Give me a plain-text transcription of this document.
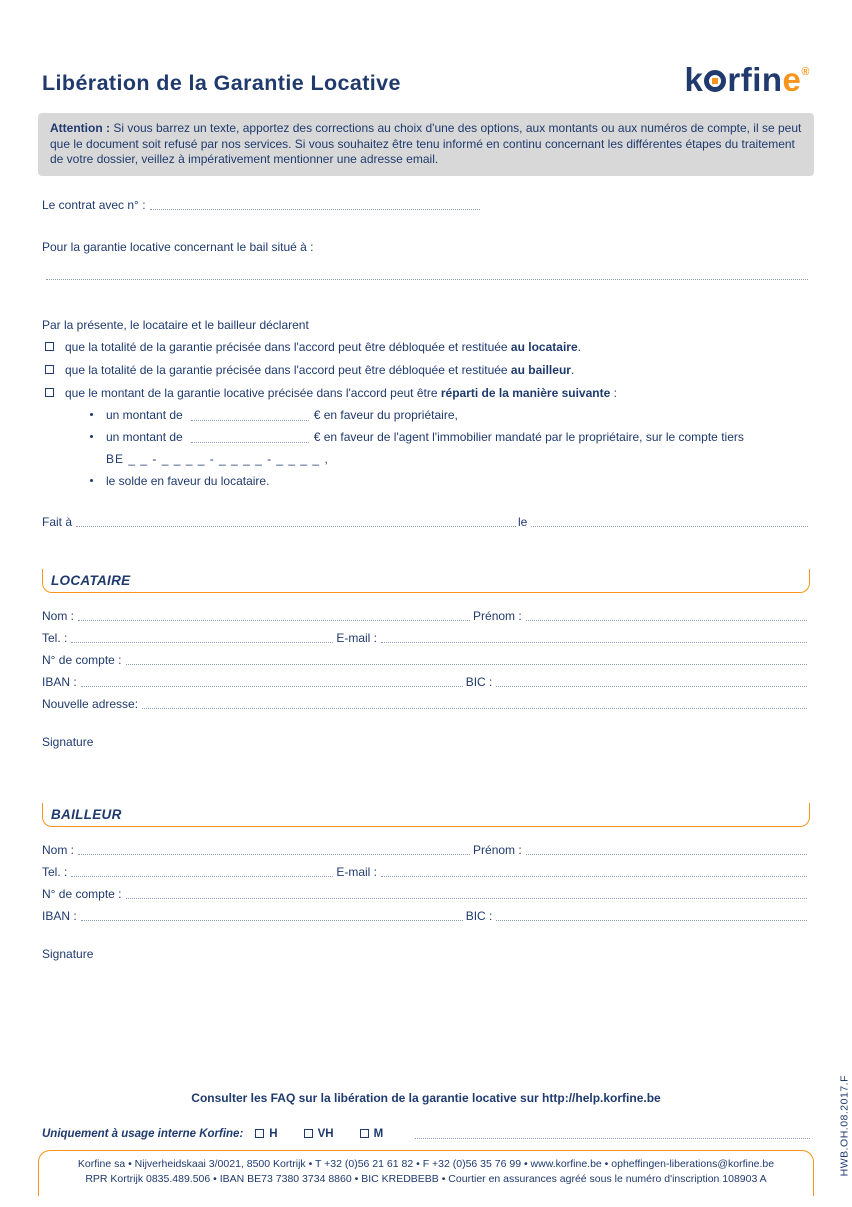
Libération de la Garantie Locative	k rfine®
Attention : Si vous barrez un texte, apportez des corrections au choix d'une des options, aux montants ou aux numéros de compte, il se peut que le document soit refusé par nos services. Si vous souhaitez être tenu informé en continu concernant les différentes étapes du traitement de votre dossier, veillez à impérativement mentionner une adresse email.
Le contrat avec n° :
Pour la garantie locative concernant le bail situé à :
Par la présente, le locataire et le bailleur déclarent
que la totalité de la garantie précisée dans l'accord peut être débloquée et restituée au locataire.
que la totalité de la garantie précisée dans l'accord peut être débloquée et restituée au bailleur.
que le montant de la garantie locative précisée dans l'accord peut être réparti de la manière suivante :
un montant de	€ en faveur du propriétaire,
un montant de	€ en faveur de l'agent l'immobilier mandaté par le propriétaire, sur le compte tiers
BE _ _ - _ _ _ _ - _ _ _ _ - _ _ _ _ ,
le solde en faveur du locataire.
Fait à	le
LOCATAIRE
Nom :	Prénom :
Tel. :	E-mail :
N° de compte :
IBAN :	BIC :
Nouvelle adresse:
Signature
BAILLEUR
Nom :	Prénom :
Tel. :	E-mail :
N° de compte :
IBAN :	BIC :
Signature
Consulter les FAQ sur la libération de la garantie locative sur http://help.korfine.be
Uniquement à usage interne Korfine: H	VH	M
Korfine sa • Nijverheidskaai 3/0021, 8500 Kortrijk • T +32 (0)56 21 61 82 • F +32 (0)56 35 76 99 • www.korfine.be • opheffingen-liberations@korfine.be
RPR Kortrijk 0835.489.506 • IBAN BE73 7380 3734 8860 • BIC KREDBEBB • Courtier en assurances agréé sous le numéro d'inscription 108903 A
HWB.OH.08.2017.F
